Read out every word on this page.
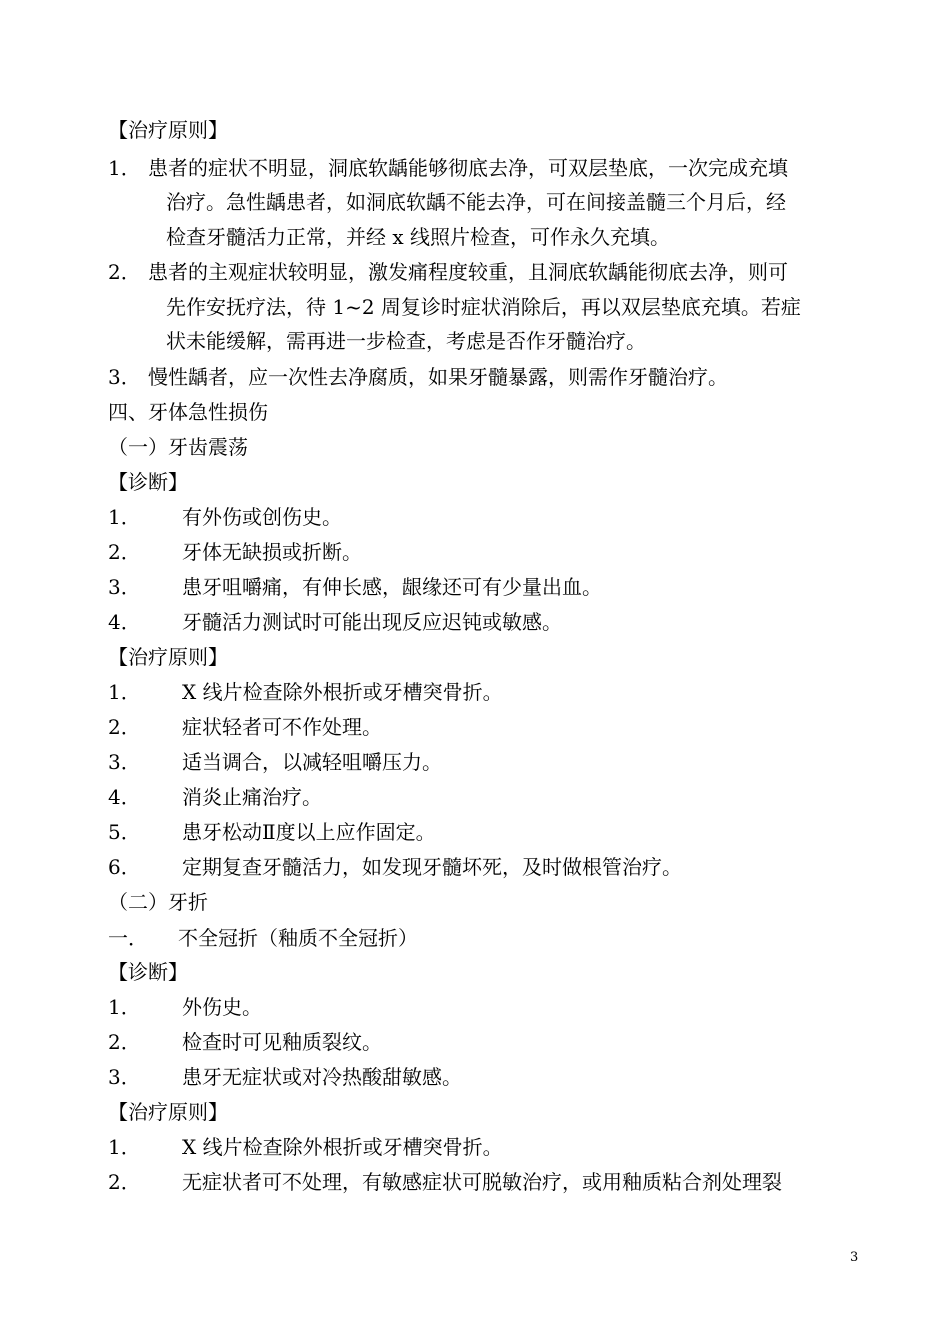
【治疗原则】
1． 患者的症状不明显，洞底软龋能够彻底去净，可双层垫底，一次完成充填
治疗。急性龋患者，如洞底软龋不能去净，可在间接盖髓三个月后，经
检查牙髓活力正常，并经 x 线照片检查，可作永久充填。
2． 患者的主观症状较明显，激发痛程度较重，且洞底软龋能彻底去净，则可
先作安抚疗法，待 1~2 周复诊时症状消除后，再以双层垫底充填。若症
状未能缓解，需再进一步检查，考虑是否作牙髓治疗。
3． 慢性龋者，应一次性去净腐质，如果牙髓暴露，则需作牙髓治疗。
四、牙体急性损伤
（一）牙齿震荡
【诊断】
1． 有外伤或创伤史。
2． 牙体无缺损或折断。
3． 患牙咀嚼痛，有伸长感，龈缘还可有少量出血。
4． 牙髓活力测试时可能出现反应迟钝或敏感。
【治疗原则】
1． X 线片检查除外根折或牙槽突骨折。
2． 症状轻者可不作处理。
3． 适当调合，以减轻咀嚼压力。
4． 消炎止痛治疗。
5． 患牙松动Ⅱ度以上应作固定。
6． 定期复查牙髓活力，如发现牙髓坏死，及时做根管治疗。
（二）牙折
一． 不全冠折（釉质不全冠折）
【诊断】
1． 外伤史。
2． 检查时可见釉质裂纹。
3． 患牙无症状或对冷热酸甜敏感。
【治疗原则】
1． X 线片检查除外根折或牙槽突骨折。
2． 无症状者可不处理，有敏感症状可脱敏治疗，或用釉质粘合剂处理裂
3
